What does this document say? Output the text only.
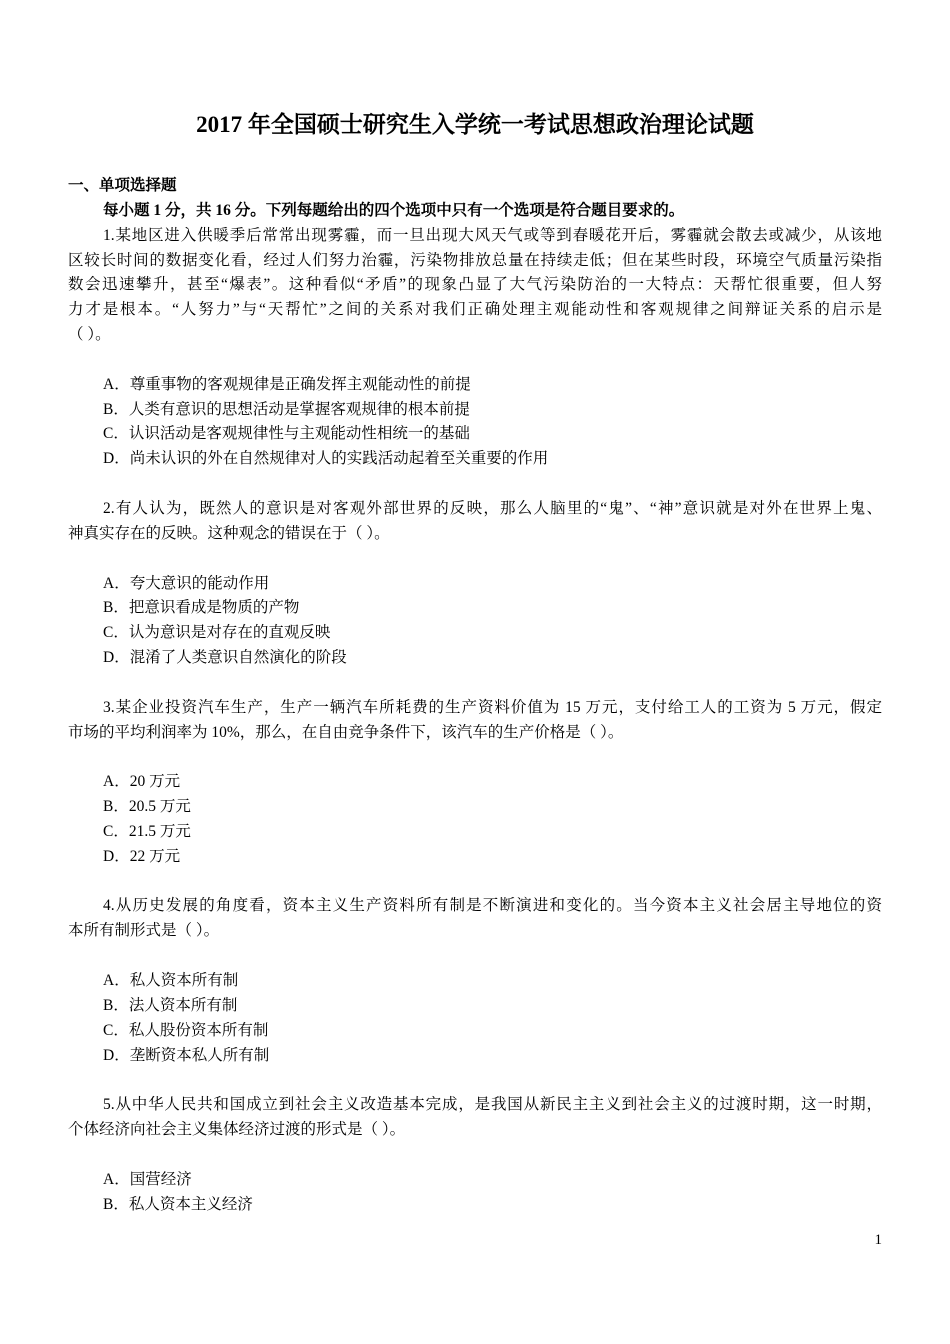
2017 年全国硕士研究生入学统一考试思想政治理论试题
一、单项选择题
每小题 1 分，共 16 分。下列每题给出的四个选项中只有一个选项是符合题目要求的。
1.某地区进入供暖季后常常出现雾霾，而一旦出现大风天气或等到春暖花开后，雾霾就会散去或减少，从该地
区较长时间的数据变化看，经过人们努力治霾，污染物排放总量在持续走低；但在某些时段，环境空气质量污染指
数会迅速攀升，甚至“爆表”。这种看似“矛盾”的现象凸显了大气污染防治的一大特点：天帮忙很重要，但人努
力才是根本。“人努力”与“天帮忙”之间的关系对我们正确处理主观能动性和客观规律之间辩证关系的启示是
（ ）。
A．尊重事物的客观规律是正确发挥主观能动性的前提
B．人类有意识的思想活动是掌握客观规律的根本前提
C．认识活动是客观规律性与主观能动性相统一的基础
D．尚未认识的外在自然规律对人的实践活动起着至关重要的作用
2.有人认为，既然人的意识是对客观外部世界的反映，那么人脑里的“鬼”、“神”意识就是对外在世界上鬼、
神真实存在的反映。这种观念的错误在于（ ）。
A．夸大意识的能动作用
B．把意识看成是物质的产物
C．认为意识是对存在的直观反映
D．混淆了人类意识自然演化的阶段
3.某企业投资汽车生产，生产一辆汽车所耗费的生产资料价值为 15 万元，支付给工人的工资为 5 万元，假定
市场的平均利润率为 10%，那么，在自由竞争条件下，该汽车的生产价格是（ ）。
A．20 万元
B．20.5 万元
C．21.5 万元
D．22 万元
4.从历史发展的角度看，资本主义生产资料所有制是不断演进和变化的。当今资本主义社会居主导地位的资
本所有制形式是（ ）。
A．私人资本所有制
B．法人资本所有制
C．私人股份资本所有制
D．垄断资本私人所有制
5.从中华人民共和国成立到社会主义改造基本完成，是我国从新民主主义到社会主义的过渡时期，这一时期，
个体经济向社会主义集体经济过渡的形式是（ ）。
A．国营经济
B．私人资本主义经济
1
